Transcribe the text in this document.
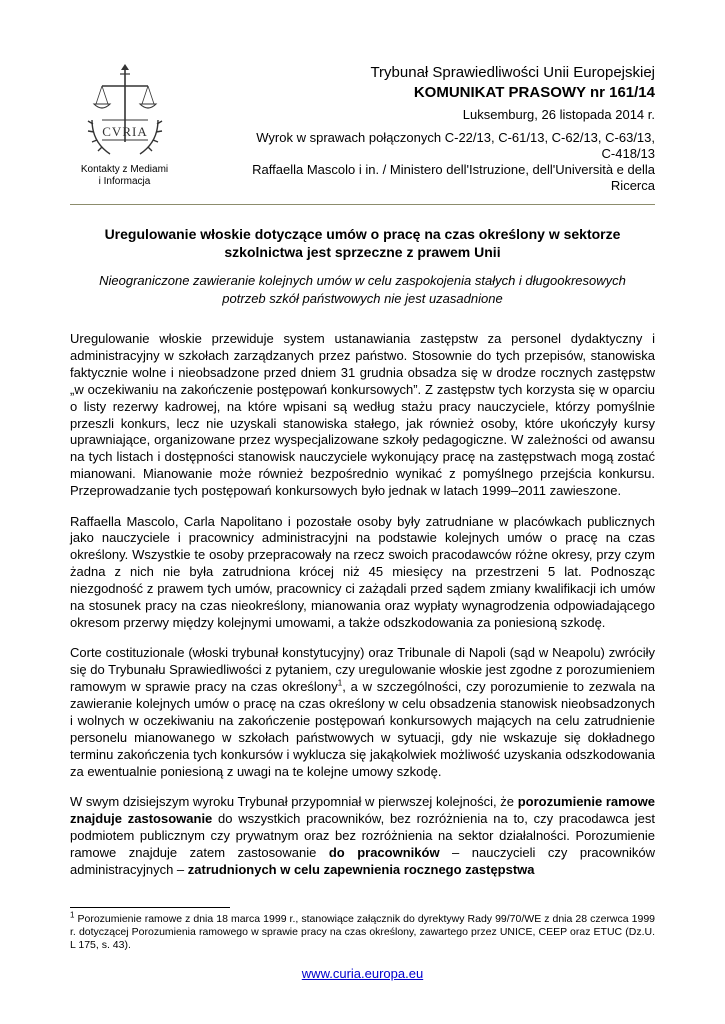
CVRIA
Kontakty z Mediami
i Informacja
Trybunał Sprawiedliwości Unii Europejskiej
KOMUNIKAT PRASOWY nr 161/14
Luksemburg, 26 listopada 2014 r.
Wyrok w sprawach połączonych C-22/13, C-61/13, C-62/13, C-63/13,
C-418/13
Raffaella Mascolo i in. / Ministero dell'Istruzione, dell'Università e della
Ricerca
Uregulowanie włoskie dotyczące umów o pracę na czas określony w sektorze
szkolnictwa jest sprzeczne z prawem Unii
Nieograniczone zawieranie kolejnych umów w celu zaspokojenia stałych i długookresowych
potrzeb szkół państwowych nie jest uzasadnione

Uregulowanie włoskie przewiduje system ustanawiania zastępstw za personel dydaktyczny i administracyjny w szkołach zarządzanych przez państwo. Stosownie do tych przepisów, stanowiska faktycznie wolne i nieobsadzone przed dniem 31 grudnia obsadza się w drodze rocznych zastępstw „w oczekiwaniu na zakończenie postępowań konkursowych”. Z zastępstw tych korzysta się w oparciu o listy rezerwy kadrowej, na które wpisani są według stażu pracy nauczyciele, którzy pomyślnie przeszli konkurs, lecz nie uzyskali stanowiska stałego, jak również osoby, które ukończyły kursy uprawniające, organizowane przez wyspecjalizowane szkoły pedagogiczne. W zależności od awansu na tych listach i dostępności stanowisk nauczyciele wykonujący pracę na zastępstwach mogą zostać mianowani. Mianowanie może również bezpośrednio wynikać z pomyślnego przejścia konkursu. Przeprowadzanie tych postępowań konkursowych było jednak w latach 1999–2011 zawieszone.

Raffaella Mascolo, Carla Napolitano i pozostałe osoby były zatrudniane w placówkach publicznych jako nauczyciele i pracownicy administracyjni na podstawie kolejnych umów o pracę na czas określony. Wszystkie te osoby przepracowały na rzecz swoich pracodawców różne okresy, przy czym żadna z nich nie była zatrudniona krócej niż 45 miesięcy na przestrzeni 5 lat. Podnosząc niezgodność z prawem tych umów, pracownicy ci zażądali przed sądem zmiany kwalifikacji ich umów na stosunek pracy na czas nieokreślony, mianowania oraz wypłaty wynagrodzenia odpowiadającego okresom przerwy między kolejnymi umowami, a także odszkodowania za poniesioną szkodę.

Corte costituzionale (włoski trybunał konstytucyjny) oraz Tribunale di Napoli (sąd w Neapolu) zwróciły się do Trybunału Sprawiedliwości z pytaniem, czy uregulowanie włoskie jest zgodne z porozumieniem ramowym w sprawie pracy na czas określony$^1$, a w szczególności, czy porozumienie to zezwala na zawieranie kolejnych umów o pracę na czas określony w celu obsadzenia stanowisk nieobsadzonych i wolnych w oczekiwaniu na zakończenie postępowań konkursowych mających na celu zatrudnienie personelu mianowanego w szkołach państwowych w sytuacji, gdy nie wskazuje się dokładnego terminu zakończenia tych konkursów i wyklucza się jakąkolwiek możliwość uzyskania odszkodowania za ewentualnie poniesioną z uwagi na te kolejne umowy szkodę.

W swym dzisiejszym wyroku Trybunał przypomniał w pierwszej kolejności, że porozumienie ramowe znajduje zastosowanie do wszystkich pracowników, bez rozróżnienia na to, czy pracodawca jest podmiotem publicznym czy prywatnym oraz bez rozróżnienia na sektor działalności. Porozumienie ramowe znajduje zatem zastosowanie do pracowników – nauczycieli czy pracowników administracyjnych – zatrudnionych w celu zapewnienia rocznego zastępstwa

$^1$ Porozumienie ramowe z dnia 18 marca 1999 r., stanowiące załącznik do dyrektywy Rady 99/70/WE z dnia 28 czerwca 1999 r. dotyczącej Porozumienia ramowego w sprawie pracy na czas określony, zawartego przez UNICE, CEEP oraz ETUC (Dz.U. L 175, s. 43).
www.curia.europa.eu
